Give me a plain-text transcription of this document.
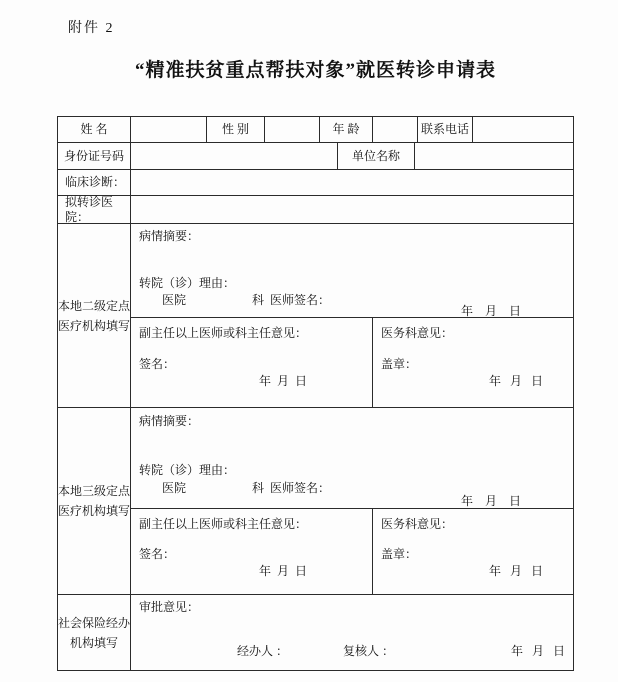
附件 2
“精准扶贫重点帮扶对象”就医转诊申请表
姓名	性别	年龄	联系电话
身份证号码	单位名称
临床诊断：
拟转诊医院：
本地二级定点
医疗机构填写
病情摘要：
转院（诊）理由：
医院	科 医师签名：
年    月    日
副主任以上医师或科主任意见：
签名：
年  月  日
医务科意见：
盖章：
年   月   日
本地三级定点
医疗机构填写
病情摘要：
转院（诊）理由：
医院	科 医师签名：
年    月    日
副主任以上医师或科主任意见：
签名：
年  月  日
医务科意见：
盖章：
年   月   日
社会保险经办
机构填写
审批意见：
经办人 ：	复核人 ：	年   月   日
